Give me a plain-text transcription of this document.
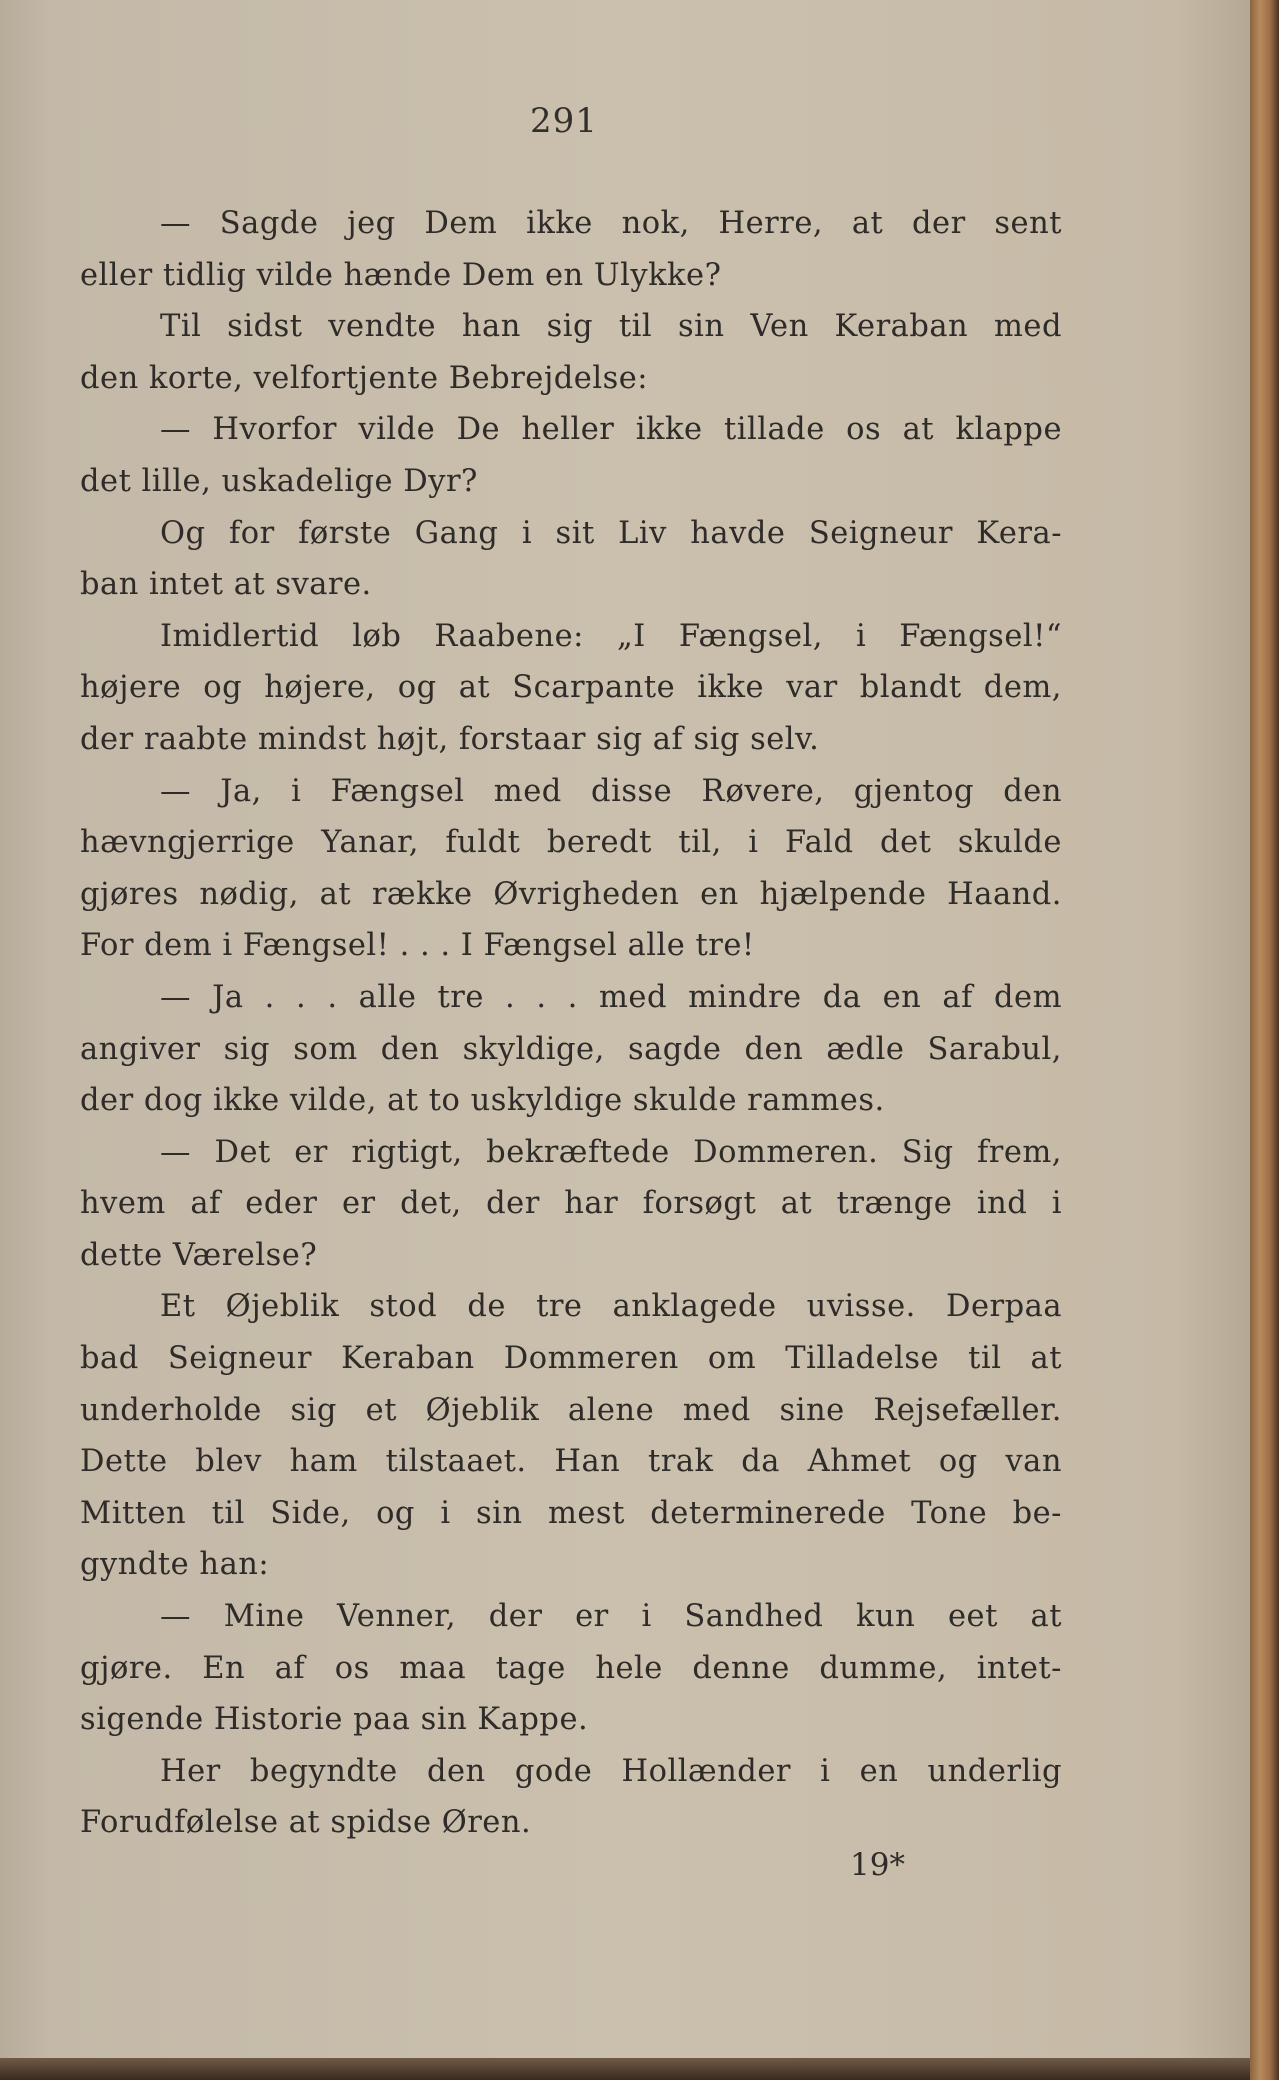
291
— Sagde jeg Dem ikke nok, Herre, at der sent
eller tidlig vilde hænde Dem en Ulykke?
Til sidst vendte han sig til sin Ven Keraban med
den korte, velfortjente Bebrejdelse:
— Hvorfor vilde De heller ikke tillade os at klappe
det lille, uskadelige Dyr?
Og for første Gang i sit Liv havde Seigneur Kera-
ban intet at svare.
Imidlertid løb Raabene: „I Fængsel, i Fængsel!“
højere og højere, og at Scarpante ikke var blandt dem,
der raabte mindst højt, forstaar sig af sig selv.
— Ja, i Fængsel med disse Røvere, gjentog den
hævngjerrige Yanar, fuldt beredt til, i Fald det skulde
gjøres nødig, at række Øvrigheden en hjælpende Haand.
For dem i Fængsel! . . . I Fængsel alle tre!
— Ja . . . alle tre . . . med mindre da en af dem
angiver sig som den skyldige, sagde den ædle Sarabul,
der dog ikke vilde, at to uskyldige skulde rammes.
— Det er rigtigt, bekræftede Dommeren. Sig frem,
hvem af eder er det, der har forsøgt at trænge ind i
dette Værelse?
Et Øjeblik stod de tre anklagede uvisse. Derpaa
bad Seigneur Keraban Dommeren om Tilladelse til at
underholde sig et Øjeblik alene med sine Rejsefæller.
Dette blev ham tilstaaet. Han trak da Ahmet og van
Mitten til Side, og i sin mest determinerede Tone be-
gyndte han:
— Mine Venner, der er i Sandhed kun eet at
gjøre. En af os maa tage hele denne dumme, intet-
sigende Historie paa sin Kappe.
Her begyndte den gode Hollænder i en underlig
Forudfølelse at spidse Øren.
19*
